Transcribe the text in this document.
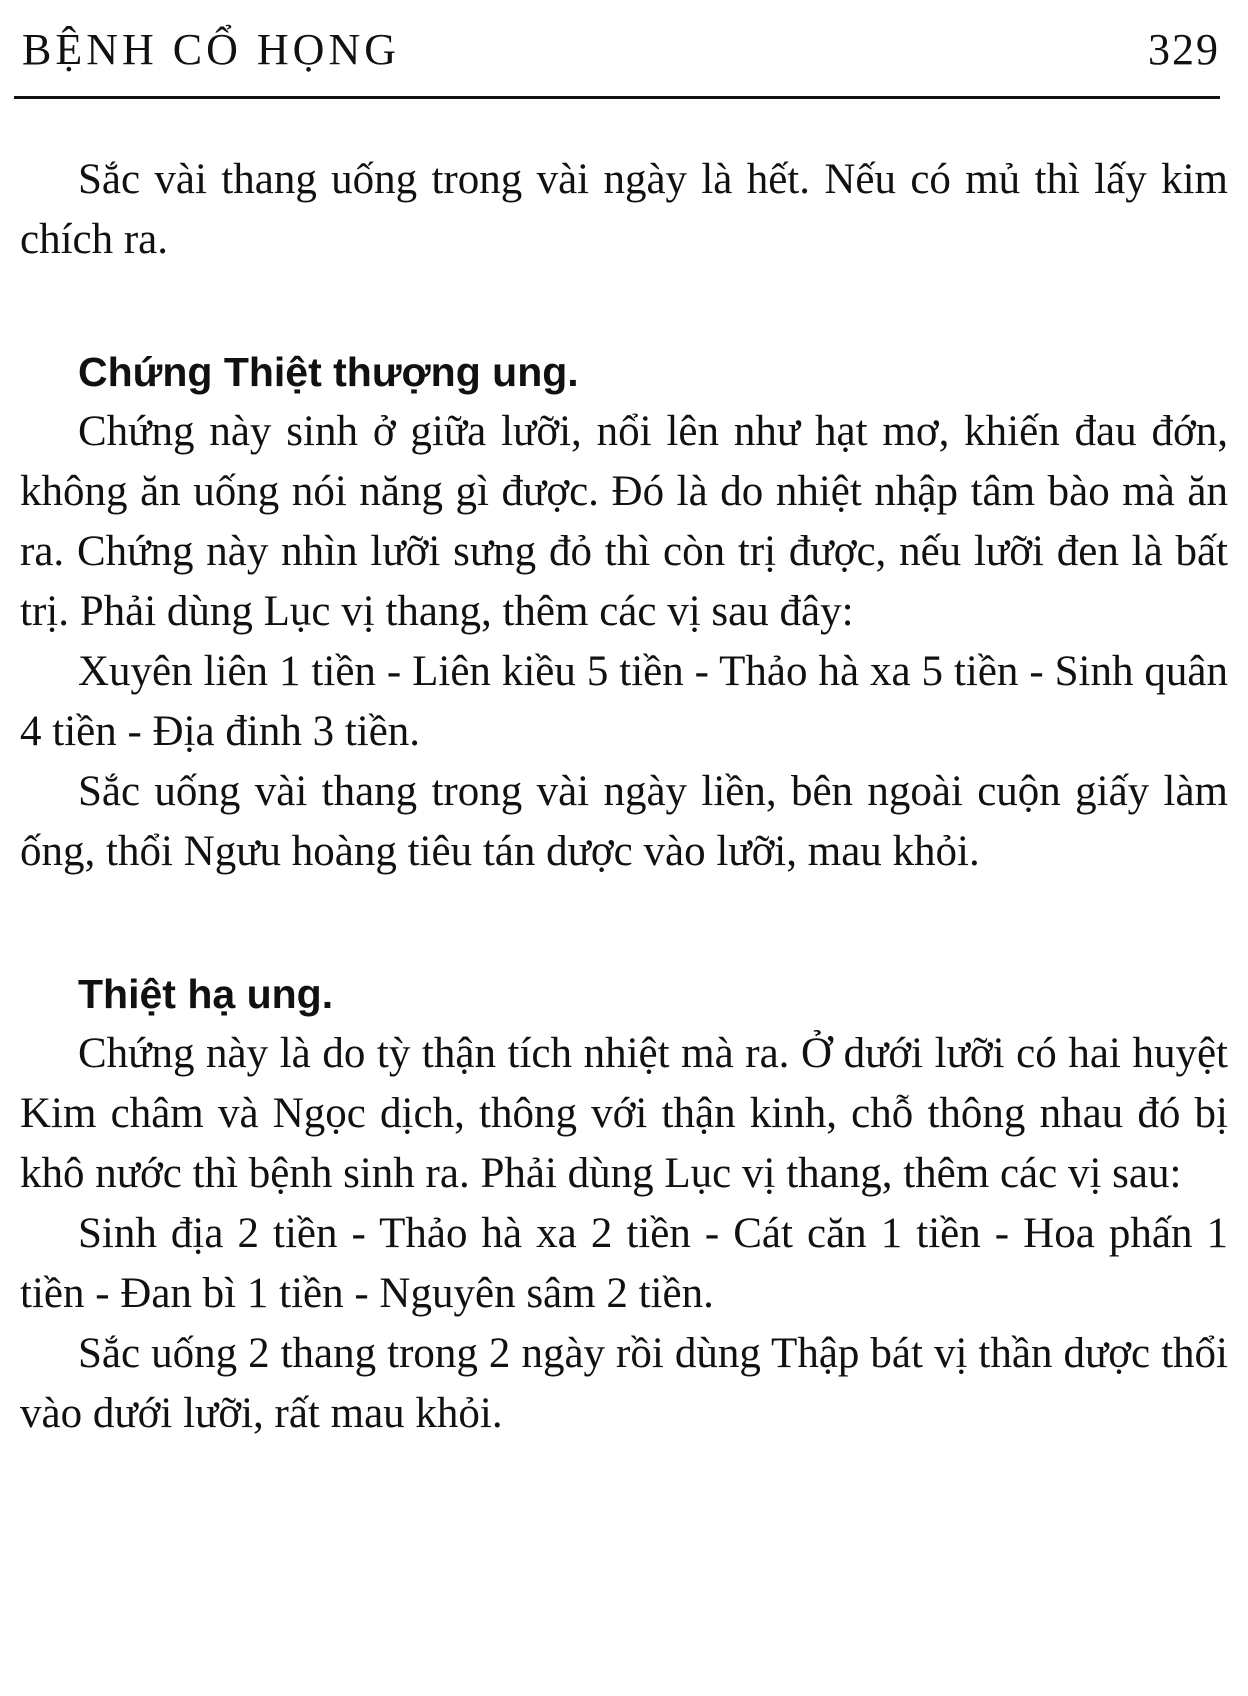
BỆNH CỔ HỌNG	329

Sắc vài thang uống trong vài ngày là hết. Nếu có mủ thì lấy kim chích ra.

Chứng Thiệt thượng ung.

Chứng này sinh ở giữa lưỡi, nổi lên như hạt mơ, khiến đau đớn, không ăn uống nói năng gì được. Đó là do nhiệt nhập tâm bào mà ăn ra. Chứng này nhìn lưỡi sưng đỏ thì còn trị được, nếu lưỡi đen là bất trị. Phải dùng Lục vị thang, thêm các vị sau đây:

Xuyên liên 1 tiền - Liên kiều 5 tiền - Thảo hà xa 5 tiền - Sinh quân 4 tiền - Địa đinh 3 tiền.

Sắc uống vài thang trong vài ngày liền, bên ngoài cuộn giấy làm ống, thổi Ngưu hoàng tiêu tán dược vào lưỡi, mau khỏi.

Thiệt hạ ung.

Chứng này là do tỳ thận tích nhiệt mà ra. Ở dưới lưỡi có hai huyệt Kim châm và Ngọc dịch, thông với thận kinh, chỗ thông nhau đó bị khô nước thì bệnh sinh ra. Phải dùng Lục vị thang, thêm các vị sau:

Sinh địa 2 tiền - Thảo hà xa 2 tiền - Cát căn 1 tiền - Hoa phấn 1 tiền - Đan bì 1 tiền - Nguyên sâm 2 tiền.

Sắc uống 2 thang trong 2 ngày rồi dùng Thập bát vị thần dược thổi vào dưới lưỡi, rất mau khỏi.
